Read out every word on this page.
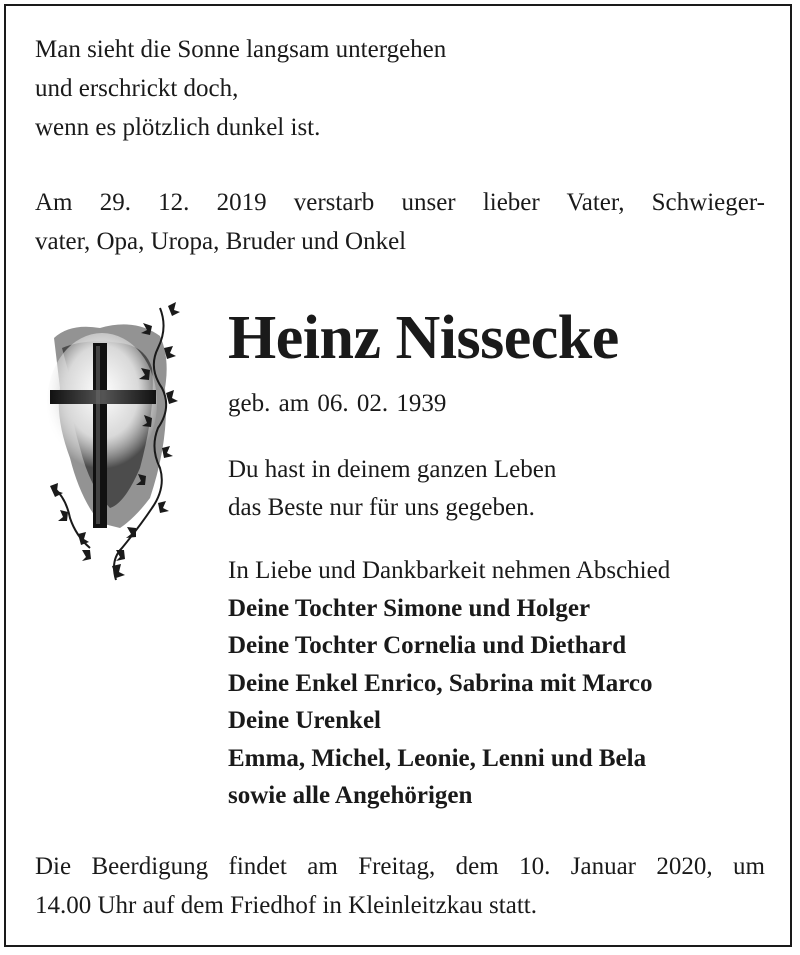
Man sieht die Sonne langsam untergehen
und erschrickt doch,
wenn es plötzlich dunkel ist.
Am 29. 12. 2019 verstarb unser lieber Vater, Schwieger-
vater, Opa, Uropa, Bruder und Onkel
Heinz Nissecke
geb. am 06. 02. 1939
Du hast in deinem ganzen Leben
das Beste nur für uns gegeben.
In Liebe und Dankbarkeit nehmen Abschied
Deine Tochter Simone und Holger
Deine Tochter Cornelia und Diethard
Deine Enkel Enrico, Sabrina mit Marco
Deine Urenkel
Emma, Michel, Leonie, Lenni und Bela
sowie alle Angehörigen
Die Beerdigung findet am Freitag, dem 10. Januar 2020, um
14.00 Uhr auf dem Friedhof in Kleinleitzkau statt.
